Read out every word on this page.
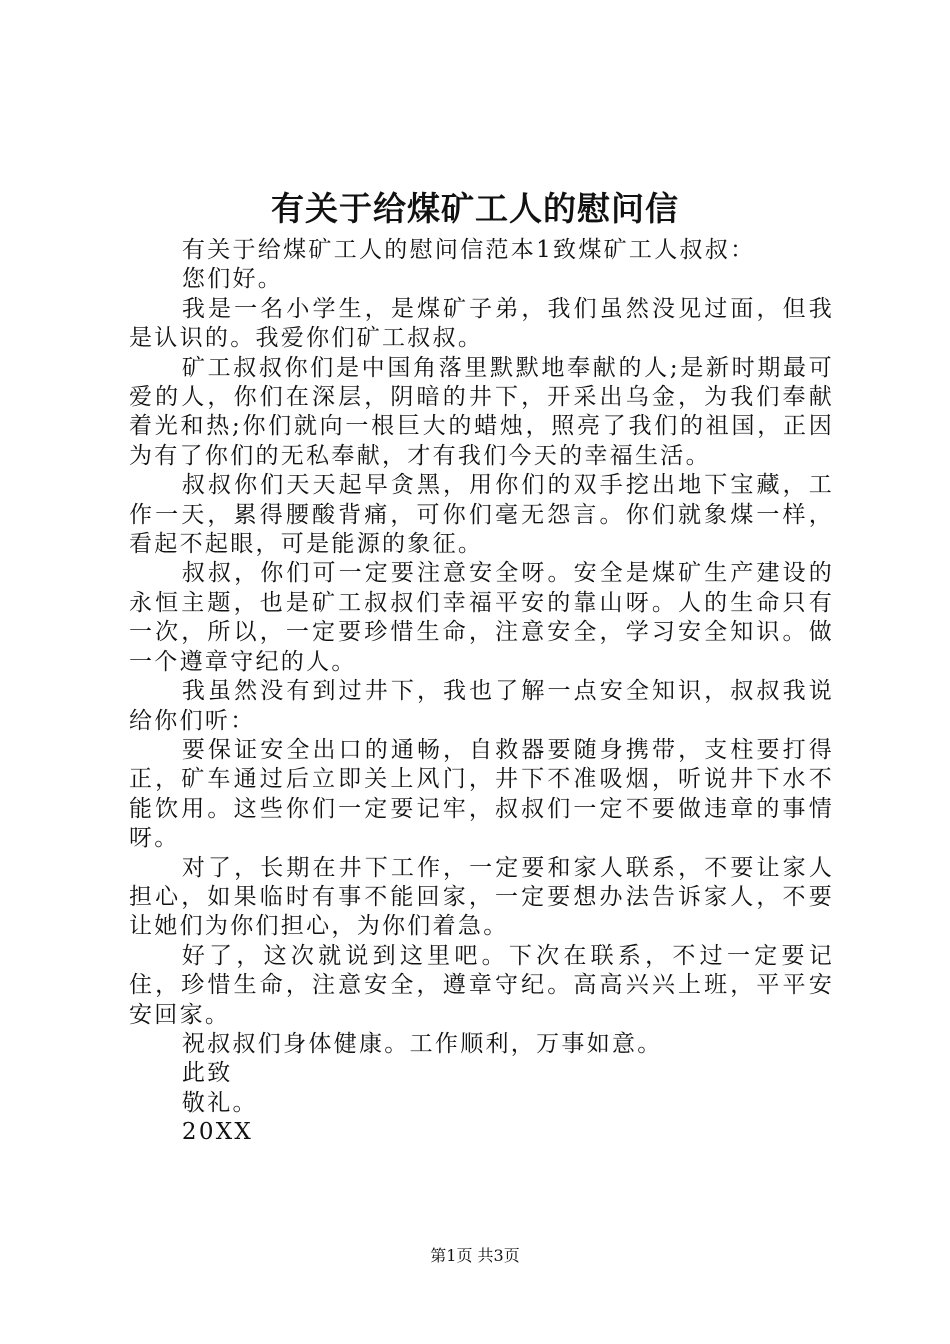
有关于给煤矿工人的慰问信

有关于给煤矿工人的慰问信范本1致煤矿工人叔叔：

您们好。

我是一名小学生，是煤矿子弟，我们虽然没见过面，但我是认识的。我爱你们矿工叔叔。

矿工叔叔你们是中国角落里默默地奉献的人;是新时期最可爱的人，你们在深层，阴暗的井下，开采出乌金，为我们奉献着光和热;你们就向一根巨大的蜡烛，照亮了我们的祖国，正因为有了你们的无私奉献，才有我们今天的幸福生活。

叔叔你们天天起早贪黑，用你们的双手挖出地下宝藏，工作一天，累得腰酸背痛，可你们毫无怨言。你们就象煤一样，看起不起眼，可是能源的象征。

叔叔，你们可一定要注意安全呀。安全是煤矿生产建设的永恒主题，也是矿工叔叔们幸福平安的靠山呀。人的生命只有一次，所以，一定要珍惜生命，注意安全，学习安全知识。做一个遵章守纪的人。

我虽然没有到过井下，我也了解一点安全知识，叔叔我说给你们听：

要保证安全出口的通畅，自救器要随身携带，支柱要打得正，矿车通过后立即关上风门，井下不准吸烟，听说井下水不能饮用。这些你们一定要记牢，叔叔们一定不要做违章的事情呀。

对了，长期在井下工作，一定要和家人联系，不要让家人担心，如果临时有事不能回家，一定要想办法告诉家人，不要让她们为你们担心，为你们着急。

好了，这次就说到这里吧。下次在联系，不过一定要记住，珍惜生命，注意安全，遵章守纪。高高兴兴上班，平平安安回家。

祝叔叔们身体健康。工作顺利，万事如意。

此致

敬礼。

20XX

第1页 共3页
